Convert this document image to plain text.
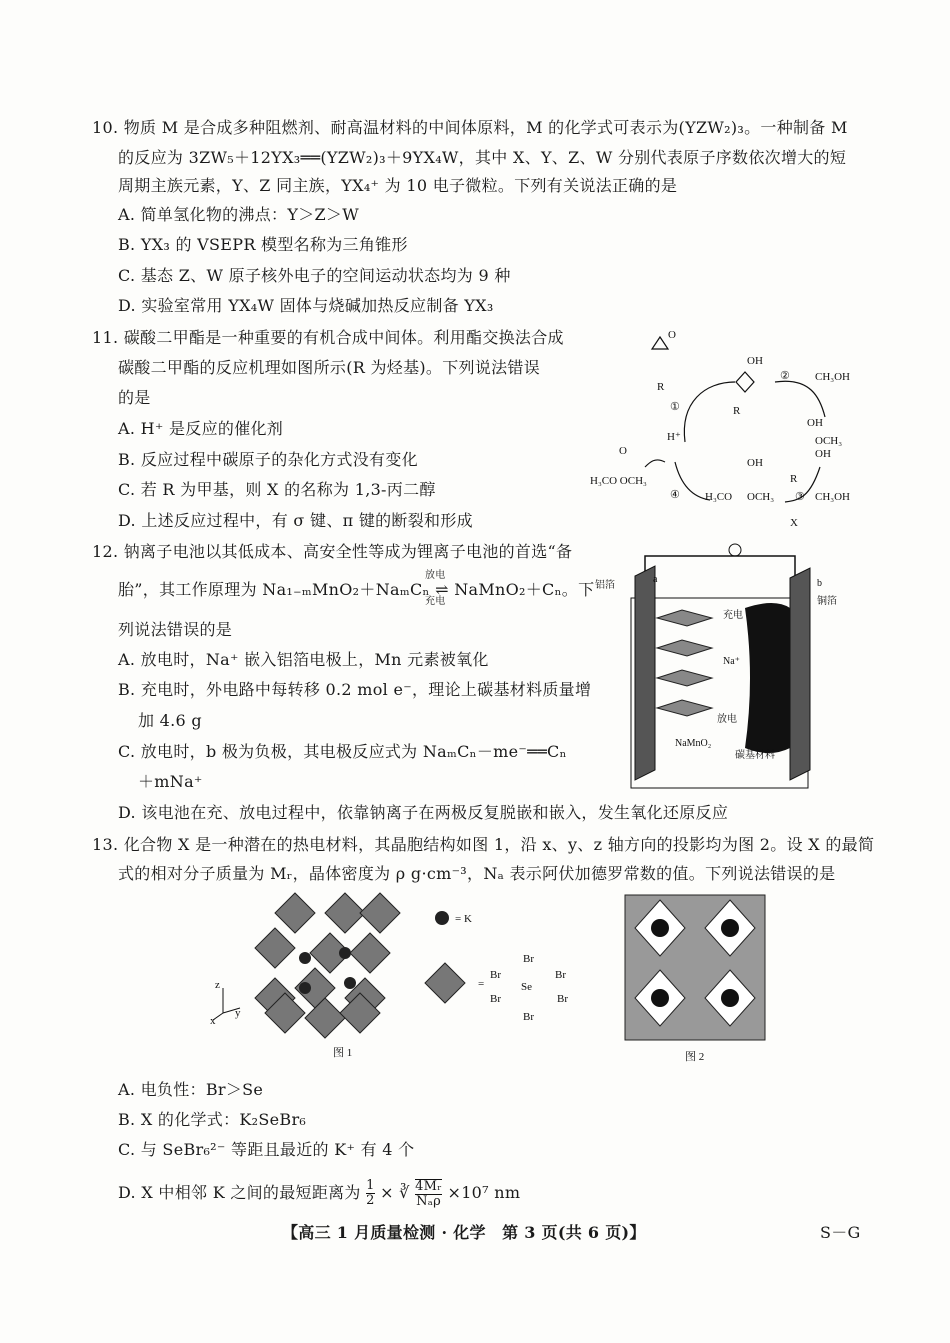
10. 物质 M 是合成多种阻燃剂、耐高温材料的中间体原料，M 的化学式可表示为(YZW₂)₃。一种制备 M
的反应为 3ZW₅＋12YX₃══(YZW₂)₃＋9YX₄W，其中 X、Y、Z、W 分别代表原子序数依次增大的短
周期主族元素，Y、Z 同主族，YX₄⁺ 为 10 电子微粒。下列有关说法正确的是
A. 简单氢化物的沸点：Y＞Z＞W
B. YX₃ 的 VSEPR 模型名称为三角锥形
C. 基态 Z、W 原子核外电子的空间运动状态均为 9 种
D. 实验室常用 YX₄W 固体与烧碱加热反应制备 YX₃
11. 碳酸二甲酯是一种重要的有机合成中间体。利用酯交换法合成
碳酸二甲酯的反应机理如图所示(R 为烃基)。下列说法错误
的是
A. H⁺ 是反应的催化剂
B. 反应过程中碳原子的杂化方式没有变化
C. 若 R 为甲基，则 X 的名称为 1,3-丙二醇
D. 上述反应过程中，有 σ 键、π 键的断裂和形成
O
R
OH
R
② CH₃OH
①
H⁺
OH
OCH₃
OH
R
OH
H₃CO OCH₃	CH₃OH
③
X
④
O
H₃CO OCH₃
12. 钠离子电池以其低成本、高安全性等成为锂离子电池的首选“备
胎”，其工作原理为 Na₁₋ₘMnO₂＋NaₘCₙ ⇌ NaMnO₂＋Cₙ。下
放电
充电
列说法错误的是
A. 放电时，Na⁺ 嵌入铝箔电极上，Mn 元素被氧化
B. 充电时，外电路中每转移 0.2 mol e⁻，理论上碳基材料质量增
加 4.6 g
C. 放电时，b 极为负极，其电极反应式为 NaₘCₙ－me⁻══Cₙ
＋mNa⁺
D. 该电池在充、放电过程中，依靠钠离子在两极反复脱嵌和嵌入，发生氧化还原反应
铝箔
a	b
铜箔
充电
Na⁺
放电
NaMnO₂
碳基材料
13. 化合物 X 是一种潜在的热电材料，其晶胞结构如图 1，沿 x、y、z 轴方向的投影均为图 2。设 X 的最简
式的相对分子质量为 Mᵣ，晶体密度为 ρ g·cm⁻³，Nₐ 表示阿伏加德罗常数的值。下列说法错误的是
z
y
x
= K
=
Br
Br	Br
Br	Br
Br
Se
图 1	图 2
A. 电负性：Br＞Se
B. X 的化学式：K₂SeBr₆
C. 与 SeBr₆²⁻ 等距且最近的 K⁺ 有 4 个
D. X 中相邻 K 之间的最短距离为 $\frac{1}{2}$ × ∛ $\frac{\text{4Mᵣ}}{\text{Nₐρ}} \times 10^7$ nm
【高三 1 月质量检测 · 化学　第 3 页(共 6 页)】	S－G
